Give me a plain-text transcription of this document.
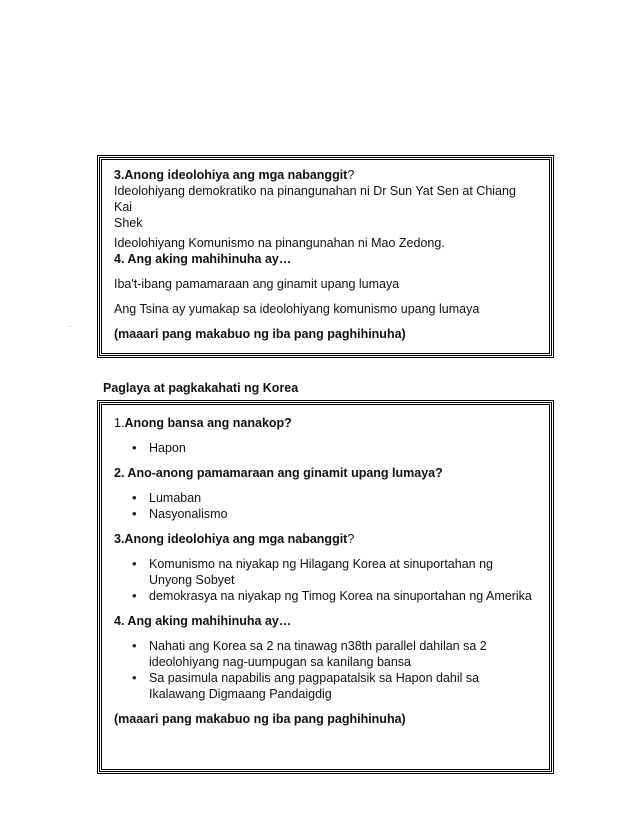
3.Anong ideolohiya ang mga nabanggit?

Ideolohiyang demokratiko na pinangunahan ni Dr Sun Yat Sen at Chiang Kai

Shek

Ideolohiyang Komunismo na pinangunahan ni Mao Zedong.

4. Ang aking mahihinuha ay…

Iba't-ibang pamamaraan ang ginamit upang lumaya

Ang Tsina ay yumakap sa ideolohiyang komunismo upang lumaya

(maaari pang makabuo ng iba pang paghihinuha)

..

Paglaya at pagkakahati ng Korea

1.Anong bansa ang nanakop?

• Hapon

2. Ano-anong pamamaraan ang ginamit upang lumaya?

• Lumaban
• Nasyonalismo

3.Anong ideolohiya ang mga nabanggit?

• Komunismo na niyakap ng Hilagang Korea at sinuportahan ng Unyong Sobyet
• demokrasya na niyakap ng Timog Korea na sinuportahan ng Amerika

4. Ang aking mahihinuha ay…

• Nahati ang Korea sa 2 na tinawag n38th parallel dahilan sa 2 ideolohiyang nag-uumpugan sa kanilang bansa
• Sa pasimula napabilis ang pagpapatalsik sa Hapon dahil sa Ikalawang Digmaang Pandaigdig

(maaari pang makabuo ng iba pang paghihinuha)
